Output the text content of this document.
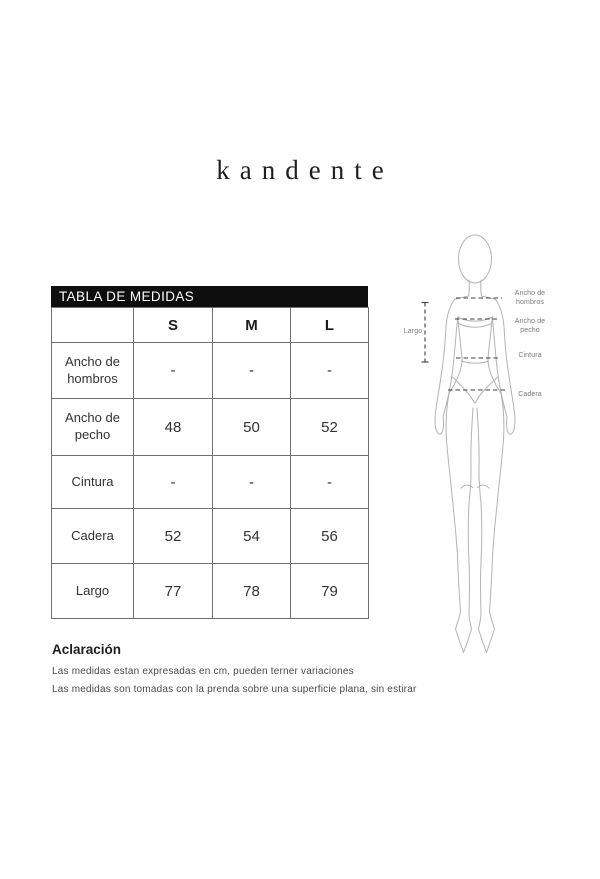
kandente
TABLA DE MEDIDAS
	S	M	L
Ancho de hombros	-	-	-
Ancho de pecho	48	50	52
Cintura	-	-	-
Cadera	52	54	56
Largo	77	78	79
Ancho de hombros
Ancho de pecho
Cintura
Cadera
Largo
Aclaración
Las medidas estan expresadas en cm, pueden terner variaciones
Las medidas son tomadas con la prenda sobre una superficie plana, sin estirar
